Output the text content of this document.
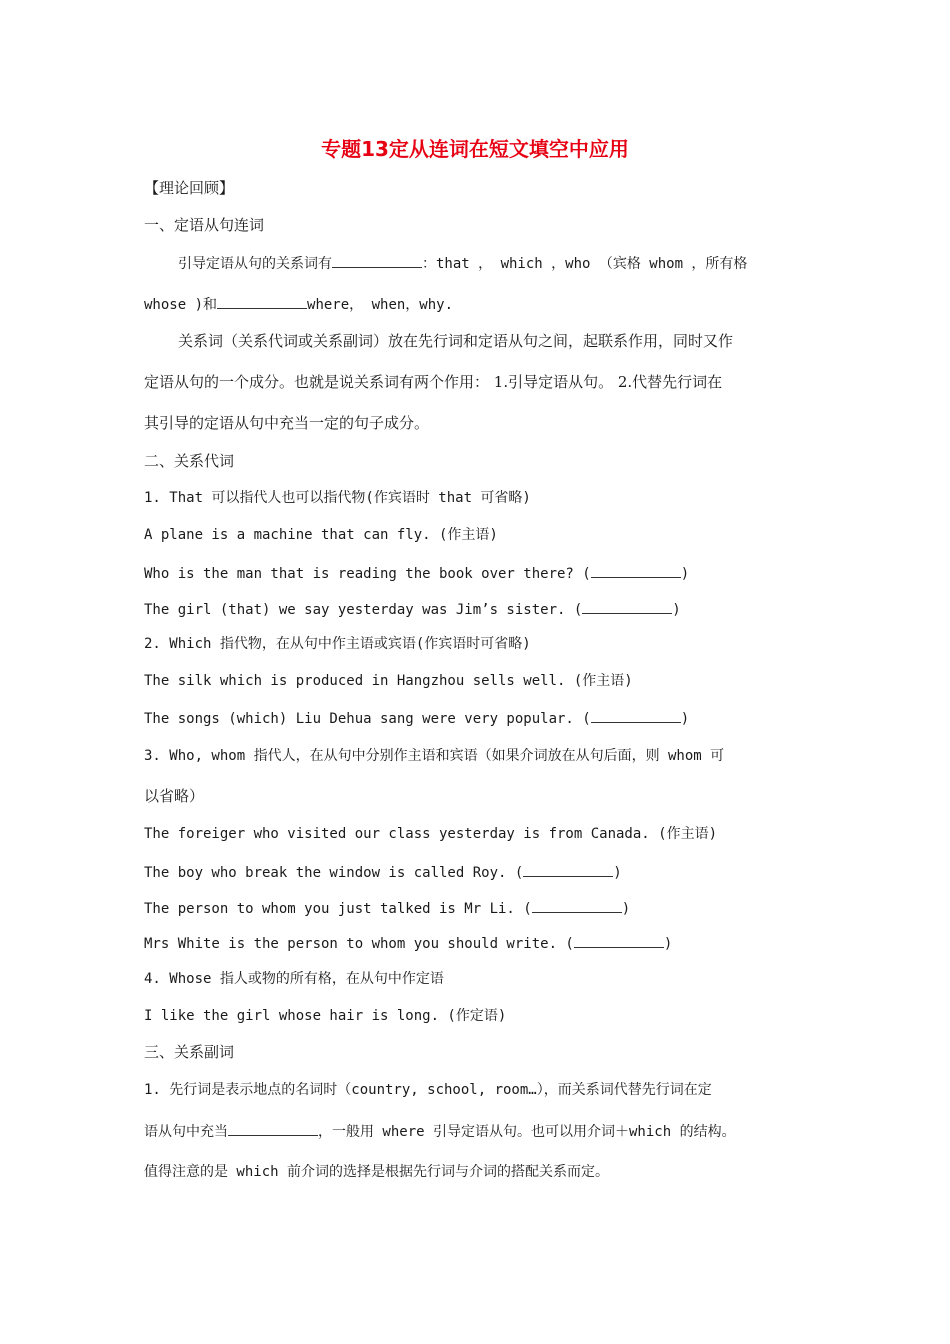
专题13定从连词在短文填空中应用
【理论回顾】
一、定语从句连词
引导定语从句的关系词有	：that ， which ，who （宾格 whom ，所有格
whose )和	where， when，why.
关系词（关系代词或关系副词）放在先行词和定语从句之间，起联系作用，同时又作
定语从句的一个成分。也就是说关系词有两个作用： 1.引导定语从句。 2.代替先行词在
其引导的定语从句中充当一定的句子成分。
二、关系代词
1. That 可以指代人也可以指代物(作宾语时 that 可省略)
A plane is a machine that can fly. (作主语)
Who is the man that is reading the book over there? (	)
The girl (that) we say yesterday was Jim’s sister. (	)
2. Which 指代物，在从句中作主语或宾语(作宾语时可省略)
The silk which is produced in Hangzhou sells well. (作主语)
The songs (which) Liu Dehua sang were very popular. (	)
3. Who, whom 指代人，在从句中分别作主语和宾语（如果介词放在从句后面，则 whom 可
以省略）
The foreiger who visited our class yesterday is from Canada. (作主语)
The boy who break the window is called Roy. (	)
The person to whom you just talked is Mr Li. (	)
Mrs White is the person to whom you should write. (	)
4. Whose 指人或物的所有格，在从句中作定语
I like the girl whose hair is long. (作定语)
三、关系副词
1. 先行词是表示地点的名词时（country, school, room…），而关系词代替先行词在定
语从句中充当	，一般用 where 引导定语从句。也可以用介词＋which 的结构。
值得注意的是 which 前介词的选择是根据先行词与介词的搭配关系而定。
